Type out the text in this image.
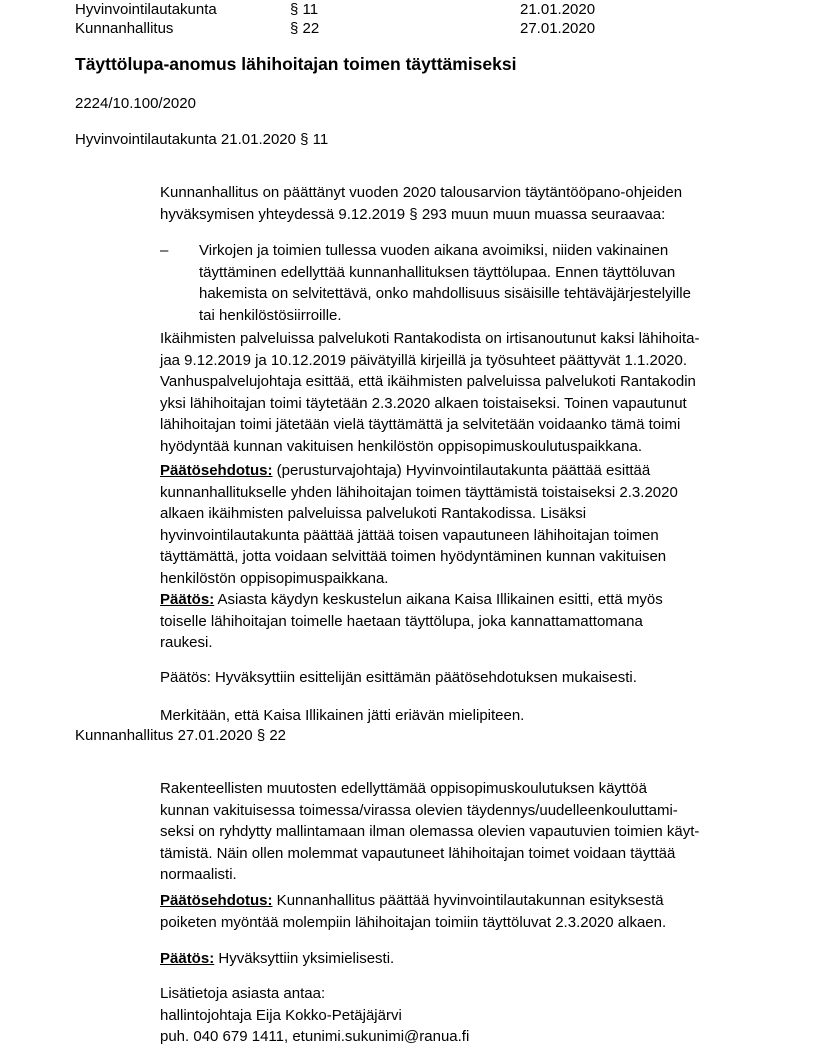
Hyvinvointilautakunta	§ 11	21.01.2020
Kunnanhallitus	§ 22	27.01.2020
Täyttölupa-anomus lähihoitajan toimen täyttämiseksi
2224/10.100/2020
Hyvinvointilautakunta 21.01.2020 § 11
Kunnanhallitus on päättänyt vuoden 2020 talousarvion täytäntööpano-ohjeiden
hyväksymisen yhteydessä 9.12.2019 § 293 muun muun muassa seuraavaa:
–	Virkojen ja toimien tullessa vuoden aikana avoimiksi, niiden vakinainen
täyttäminen edellyttää kunnanhallituksen täyttölupaa. Ennen täyttöluvan
hakemista on selvitettävä, onko mahdollisuus sisäisille tehtäväjärjestelyille
tai henkilöstösiirroille.
Ikäihmisten palveluissa palvelukoti Rantakodista on irtisanoutunut kaksi lähihoita-
jaa 9.12.2019 ja 10.12.2019 päivätyillä kirjeillä ja työsuhteet päättyvät 1.1.2020.
Vanhuspalvelujohtaja esittää, että ikäihmisten palveluissa palvelukoti Rantakodin
yksi lähihoitajan toimi täytetään 2.3.2020 alkaen toistaiseksi. Toinen vapautunut
lähihoitajan toimi jätetään vielä täyttämättä ja selvitetään voidaanko tämä toimi
hyödyntää kunnan vakituisen henkilöstön oppisopimuskoulutuspaikkana.
Päätösehdotus: (perusturvajohtaja) Hyvinvointilautakunta päättää esittää
kunnanhallitukselle yhden lähihoitajan toimen täyttämistä toistaiseksi 2.3.2020
alkaen ikäihmisten palveluissa palvelukoti Rantakodissa. Lisäksi
hyvinvointilautakunta päättää jättää toisen vapautuneen lähihoitajan toimen
täyttämättä, jotta voidaan selvittää toimen hyödyntäminen kunnan vakituisen
henkilöstön oppisopimuspaikkana.
Päätös: Asiasta käydyn keskustelun aikana Kaisa Illikainen esitti, että myös
toiselle lähihoitajan toimelle haetaan täyttölupa, joka kannattamattomana
raukesi.
Päätös: Hyväksyttiin esittelijän esittämän päätösehdotuksen mukaisesti.
Merkitään, että Kaisa Illikainen jätti eriävän mielipiteen.
Kunnanhallitus 27.01.2020 § 22
Rakenteellisten muutosten edellyttämää oppisopimuskoulutuksen käyttöä
kunnan vakituisessa toimessa/virassa olevien täydennys/uudelleenkouluttami-
seksi on ryhdytty mallintamaan ilman olemassa olevien vapautuvien toimien käyt-
tämistä. Näin ollen molemmat vapautuneet lähihoitajan toimet voidaan täyttää
normaalisti.
Päätösehdotus: Kunnanhallitus päättää hyvinvointilautakunnan esityksestä
poiketen myöntää molempiin lähihoitajan toimiin täyttöluvat 2.3.2020 alkaen.
Päätös: Hyväksyttiin yksimielisesti.
Lisätietoja asiasta antaa:
hallintojohtaja Eija Kokko-Petäjäjärvi
puh. 040 679 1411, etunimi.sukunimi@ranua.fi
